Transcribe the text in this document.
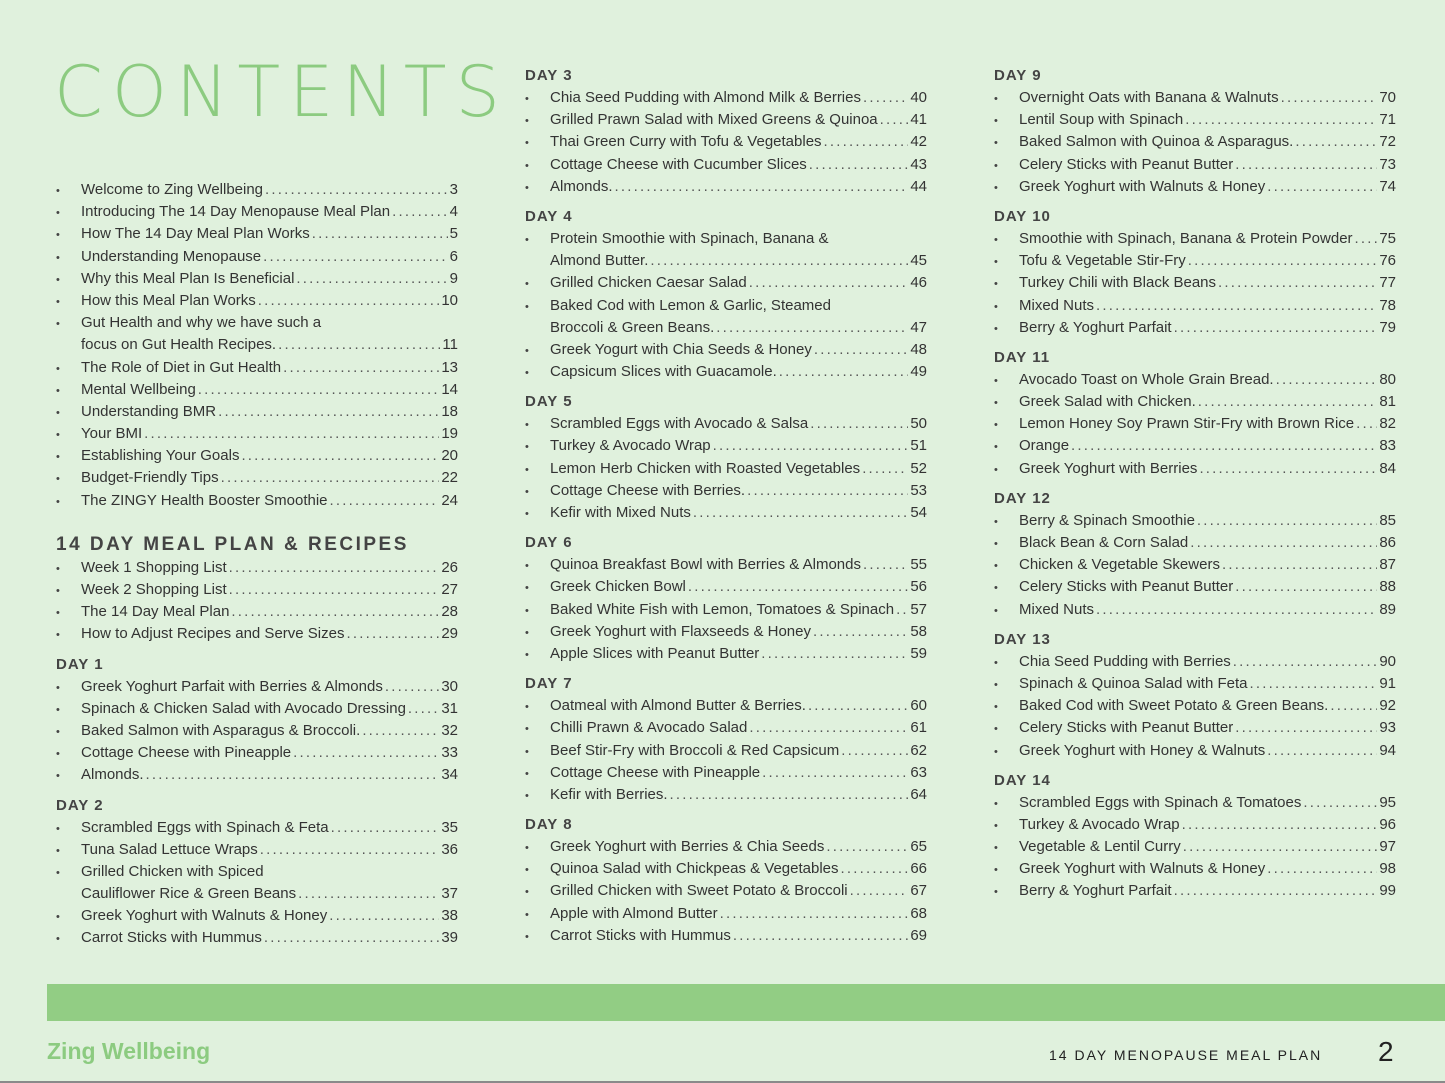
CONTENTS
•	Welcome to Zing Wellbeing .....	3
•	Introducing The 14 Day Menopause Meal Plan .....	4
•	How The 14 Day Meal Plan Works .....	5
•	Understanding Menopause .....	6
•	Why this Meal Plan Is Beneficial .....	9
•	How this Meal Plan Works .....	10
•	Gut Health and why we have such a
focus on Gut Health Recipes. .....	11
•	The Role of Diet in Gut Health .....	13
•	Mental Wellbeing .....	14
•	Understanding BMR .....	18
•	Your BMI .....	19
•	Establishing Your Goals .....	20
•	Budget-Friendly Tips .....	22
•	The ZINGY Health Booster Smoothie .....	24
14 DAY MEAL PLAN & RECIPES
•	Week 1 Shopping List .....	26
•	Week 2 Shopping List .....	27
•	The 14 Day Meal Plan .....	28
•	How to Adjust Recipes and Serve Sizes .....	29
DAY 1
•	Greek Yoghurt Parfait with Berries & Almonds .....	30
•	Spinach & Chicken Salad with Avocado Dressing ..... 31
•	Baked Salmon with Asparagus & Broccoli. .....	32
•	Cottage Cheese with Pineapple .....	33
•	Almonds. .....	34
DAY 2
•	Scrambled Eggs with Spinach & Feta .....	35
•	Tuna Salad Lettuce Wraps .....	36
•	Grilled Chicken with Spiced
Cauliflower Rice & Green Beans .....	37
•	Greek Yoghurt with Walnuts & Honey .....	38
•	Carrot Sticks with Hummus .....	39
DAY 3
•	Chia Seed Pudding with Almond Milk & Berries .....	40
•	Grilled Prawn Salad with Mixed Greens & Quinoa ..... 41
•	Thai Green Curry with Tofu & Vegetables .....	42
•	Cottage Cheese with Cucumber Slices .....	43
•	Almonds. .....	44
DAY 4
•	Protein Smoothie with Spinach, Banana &
Almond Butter. .....	45
•	Grilled Chicken Caesar Salad .....	46
•	Baked Cod with Lemon & Garlic, Steamed
Broccoli & Green Beans. .....	47
•	Greek Yogurt with Chia Seeds & Honey .....	48
•	Capsicum Slices with Guacamole. .....	49
DAY 5
•	Scrambled Eggs with Avocado & Salsa .....	50
•	Turkey & Avocado Wrap .....	51
•	Lemon Herb Chicken with Roasted Vegetables .....	52
•	Cottage Cheese with Berries. .....	53
•	Kefir with Mixed Nuts .....	54
DAY 6
•	Quinoa Breakfast Bowl with Berries & Almonds .....	55
•	Greek Chicken Bowl .....	56
•	Baked White Fish with Lemon, Tomatoes & Spinach ..... 57
•	Greek Yoghurt with Flaxseeds & Honey .....	58
•	Apple Slices with Peanut Butter .....	59
DAY 7
•	Oatmeal with Almond Butter & Berries. .....	60
•	Chilli Prawn & Avocado Salad .....	61
•	Beef Stir-Fry with Broccoli & Red Capsicum .....	62
•	Cottage Cheese with Pineapple .....	63
•	Kefir with Berries. .....	64
DAY 8
•	Greek Yoghurt with Berries & Chia Seeds .....	65
•	Quinoa Salad with Chickpeas & Vegetables .....	66
•	Grilled Chicken with Sweet Potato & Broccoli .....	67
•	Apple with Almond Butter .....	68
•	Carrot Sticks with Hummus .....	69
DAY 9
•	Overnight Oats with Banana & Walnuts .....	70
•	Lentil Soup with Spinach .....	71
•	Baked Salmon with Quinoa & Asparagus. .....	72
•	Celery Sticks with Peanut Butter .....	73
•	Greek Yoghurt with Walnuts & Honey .....	74
DAY 10
•	Smoothie with Spinach, Banana & Protein Powder ..... 75
•	Tofu & Vegetable Stir-Fry .....	76
•	Turkey Chili with Black Beans .....	77
•	Mixed Nuts .....	78
•	Berry & Yoghurt Parfait .....	79
DAY 11
•	Avocado Toast on Whole Grain Bread. .....	80
•	Greek Salad with Chicken. .....	81
•	Lemon Honey Soy Prawn Stir-Fry with Brown Rice ..... 82
•	Orange .....	83
•	Greek Yoghurt with Berries .....	84
DAY 12
•	Berry & Spinach Smoothie .....	85
•	Black Bean & Corn Salad .....	86
•	Chicken & Vegetable Skewers .....	87
•	Celery Sticks with Peanut Butter .....	88
•	Mixed Nuts .....	89
DAY 13
•	Chia Seed Pudding with Berries .....	90
•	Spinach & Quinoa Salad with Feta .....	91
•	Baked Cod with Sweet Potato & Green Beans. .....	92
•	Celery Sticks with Peanut Butter .....	93
•	Greek Yoghurt with Honey & Walnuts .....	94
DAY 14
•	Scrambled Eggs with Spinach & Tomatoes .....	95
•	Turkey & Avocado Wrap .....	96
•	Vegetable & Lentil Curry .....	97
•	Greek Yoghurt with Walnuts & Honey .....	98
•	Berry & Yoghurt Parfait .....	99
Zing Wellbeing	14 DAY MENOPAUSE MEAL PLAN 2
